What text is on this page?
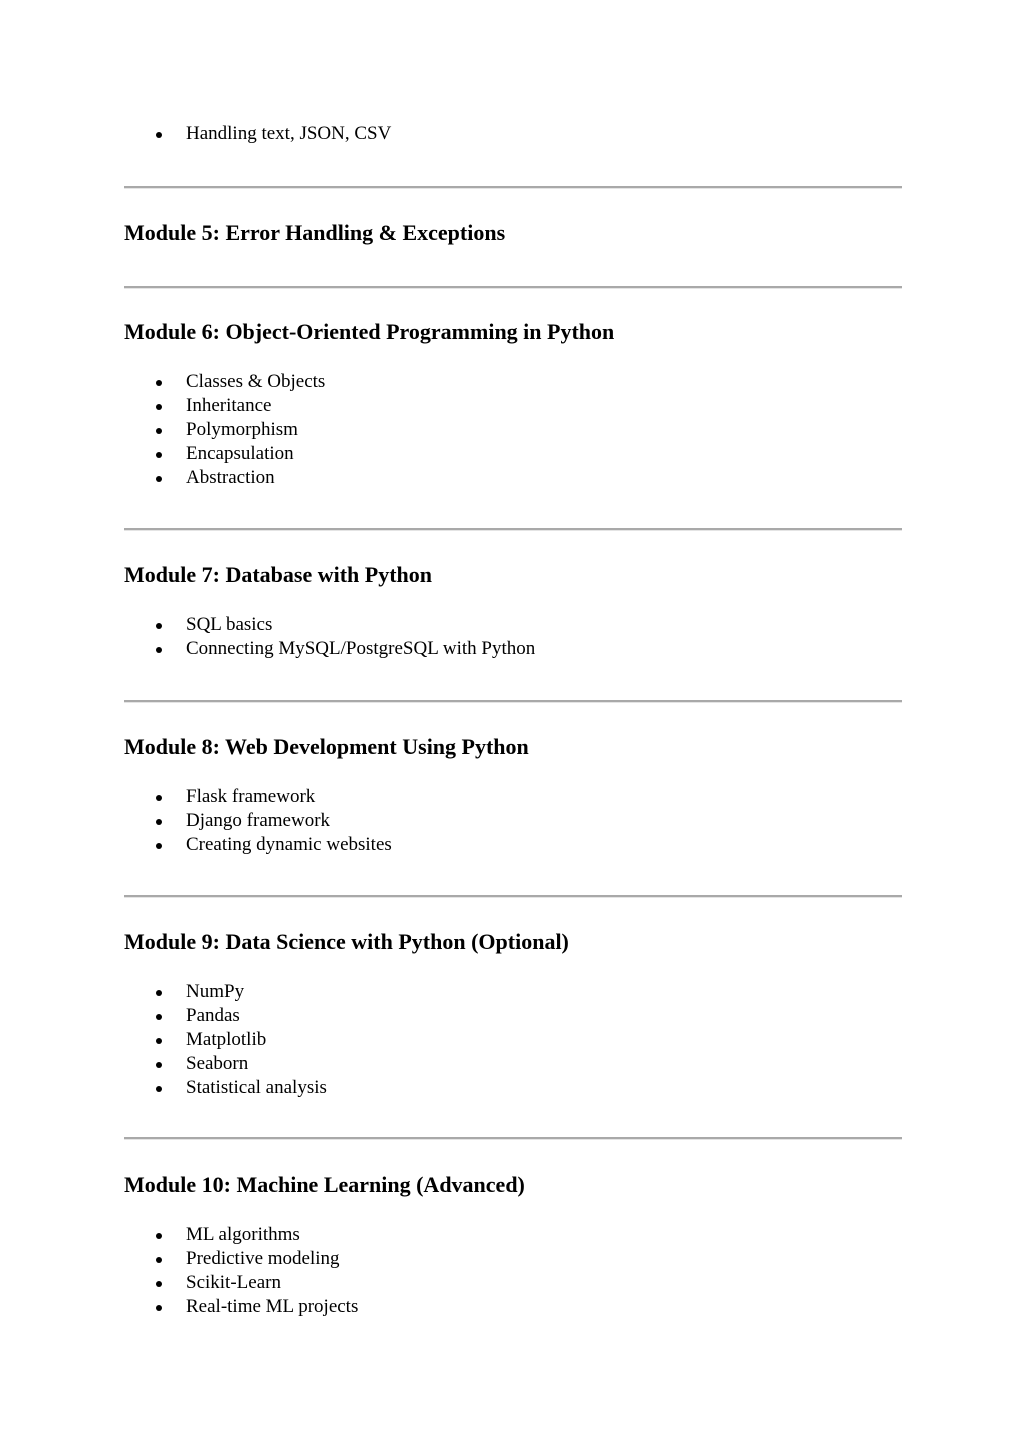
Handling text, JSON, CSV
Module 5: Error Handling & Exceptions
Module 6: Object-Oriented Programming in Python
Classes & Objects
Inheritance
Polymorphism
Encapsulation
Abstraction
Module 7: Database with Python
SQL basics
Connecting MySQL/PostgreSQL with Python
Module 8: Web Development Using Python
Flask framework
Django framework
Creating dynamic websites
Module 9: Data Science with Python (Optional)
NumPy
Pandas
Matplotlib
Seaborn
Statistical analysis
Module 10: Machine Learning (Advanced)
ML algorithms
Predictive modeling
Scikit-Learn
Real-time ML projects
